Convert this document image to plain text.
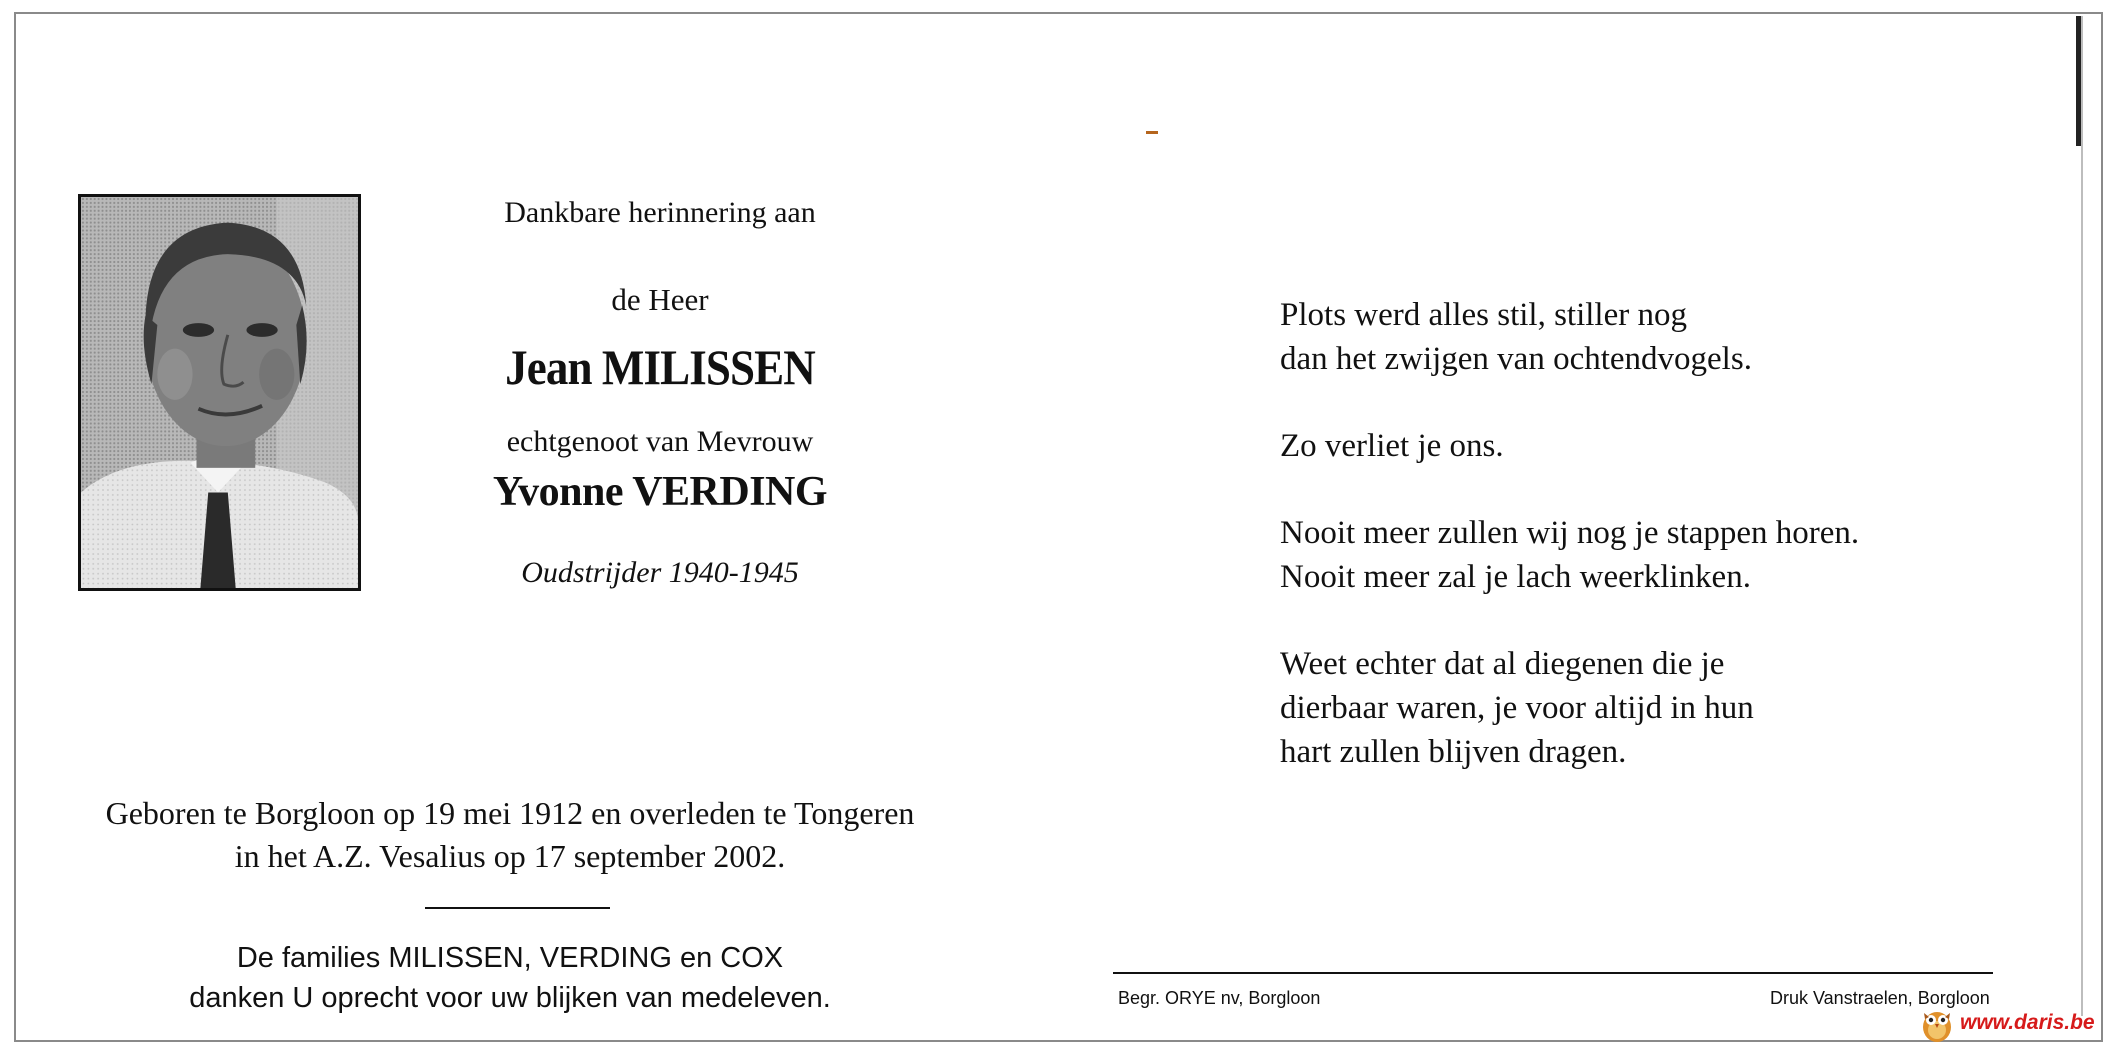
Dankbare herinnering aan
de Heer
Jean MILISSEN
echtgenoot van Mevrouw
Yvonne VERDING
Oudstrijder 1940-1945
Geboren te Borgloon op 19 mei 1912 en overleden te Tongeren
in het A.Z. Vesalius op 17 september 2002.
De families MILISSEN, VERDING en COX
danken U oprecht voor uw blijken van medeleven.
Plots werd alles stil, stiller nog
dan het zwijgen van ochtendvogels.
Zo verliet je ons.
Nooit meer zullen wij nog je stappen horen.
Nooit meer zal je lach weerklinken.
Weet echter dat al diegenen die je
dierbaar waren, je voor altijd in hun
hart zullen blijven dragen.
Begr. ORYE nv, Borgloon	Druk Vanstraelen, Borgloon
www.daris.be
